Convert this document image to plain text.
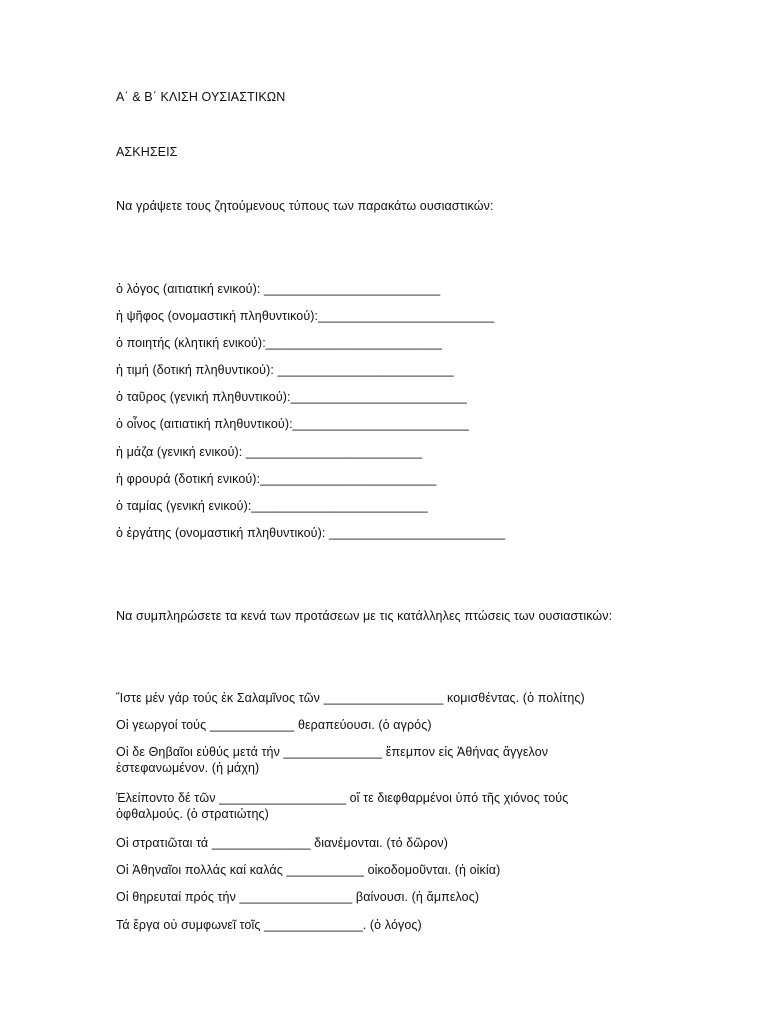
Α΄ & Β΄ ΚΛΙΣΗ ΟΥΣΙΑΣΤΙΚΩΝ
ΑΣΚΗΣΕΙΣ
Να γράψετε τους ζητούμενους τύπους των παρακάτω ουσιαστικών:
ὁ λόγος (αιτιατική ενικού): _________________________
ἡ ψῆφος (ονομαστική πληθυντικού):_________________________
ὁ ποιητής (κλητική ενικού):_________________________
ἡ τιμή (δοτική πληθυντικού): _________________________
ὁ ταῦρος (γενική πληθυντικού):_________________________
ὁ οἶνος (αιτιατική πληθυντικού):_________________________
ἡ μάζα (γενική ενικού): _________________________
ἡ φρουρά (δοτική ενικού):_________________________
ὁ ταμίας (γενική ενικού):_________________________
ὁ ἐργάτης (ονομαστική πληθυντικού): _________________________
Να συμπληρώσετε τα κενά των προτάσεων με τις κατάλληλες πτώσεις των ουσιαστικών:
Ἴστε μέν γάρ τούς ἐκ Σαλαμῖνος τῶν _________________ κομισθέντας. (ὁ πολίτης)
Οἱ γεωργοί τούς ____________ θεραπεύουσι. (ὁ αγρός)
Οἱ δε Θηβαῖοι εὐθύς μετά τήν ______________ ἔπεμπον εἰς Ἀθήνας ἄγγελον ἐστεφανωμένον. (ἡ μάχη)
Ἐλείποντο δέ τῶν __________________ οἵ τε διεφθαρμένοι ὑπό τῆς χιόνος τούς ὀφθαλμούς. (ὁ στρατιώτης)
Οἱ στρατιῶται τά ______________ διανέμονται. (τό δῶρον)
Οἱ Ἀθηναῖοι πολλάς καί καλάς ___________ οἰκοδομοῦνται. (ἡ οἰκία)
Οἱ θηρευταί πρός τήν ________________ βαίνουσι. (ἡ ἄμπελος)
Τά ἔργα οὐ συμφωνεῖ τοῖς ______________. (ὁ λόγος)
